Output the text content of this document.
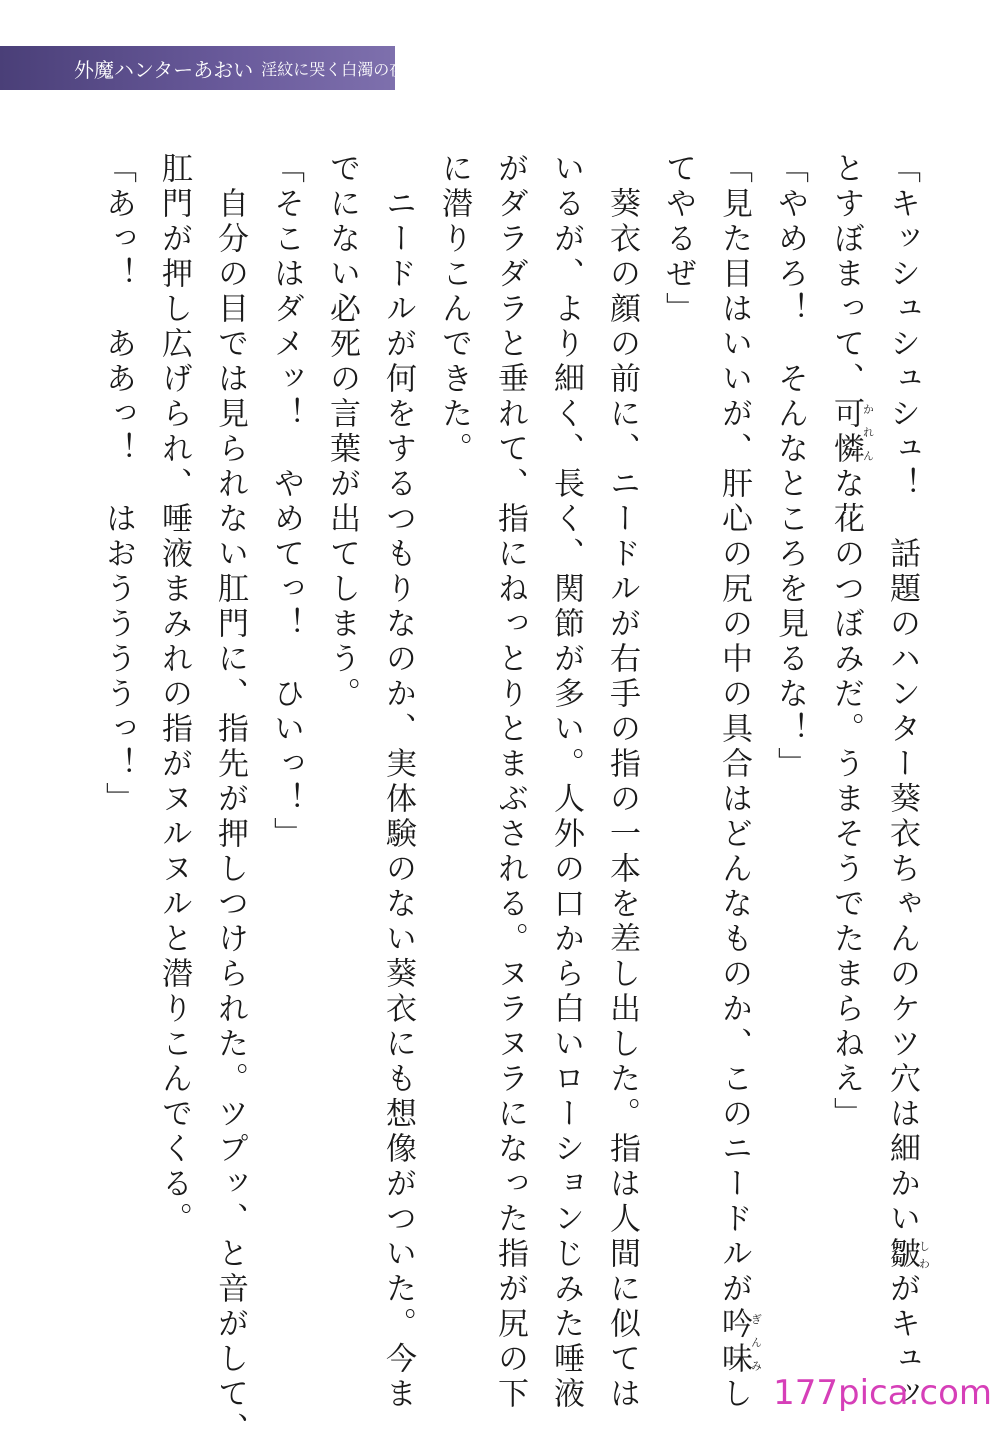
外魔ハンターあおい 淫紋に哭く白濁の夜

「キッシュシュシュ！　話題のハンター葵衣ちゃんのケツ穴は細かい皺しわがキュッ

とすぼまって、可憐かれんな花のつぼみだ。うまそうでたまらねえ」

「やめろ！　そんなところを見るな！」

「見た目はいいが、肝心の尻の中の具合はどんなものか、このニードルが吟味ぎんみし

てやるぜ」

　葵衣の顔の前に、ニードルが右手の指の一本を差し出した。指は人間に似ては

いるが、より細く、長く、関節が多い。人外の口から白いローションじみた唾液

がダラダラと垂れて、指にねっとりとまぶされる。ヌラヌラになった指が尻の下

に潜りこんできた。

　ニードルが何をするつもりなのか、実体験のない葵衣にも想像がついた。今ま

でにない必死の言葉が出てしまう。

「そこはダメッ！　やめてっ！　ひいっ！」

　自分の目では見られない肛門に、指先が押しつけられた。ツプッ、と音がして、

肛門が押し広げられ、唾液まみれの指がヌルヌルと潜りこんでくる。

「あっ！　ああっ！　はおううううっ！」

177pica.com
